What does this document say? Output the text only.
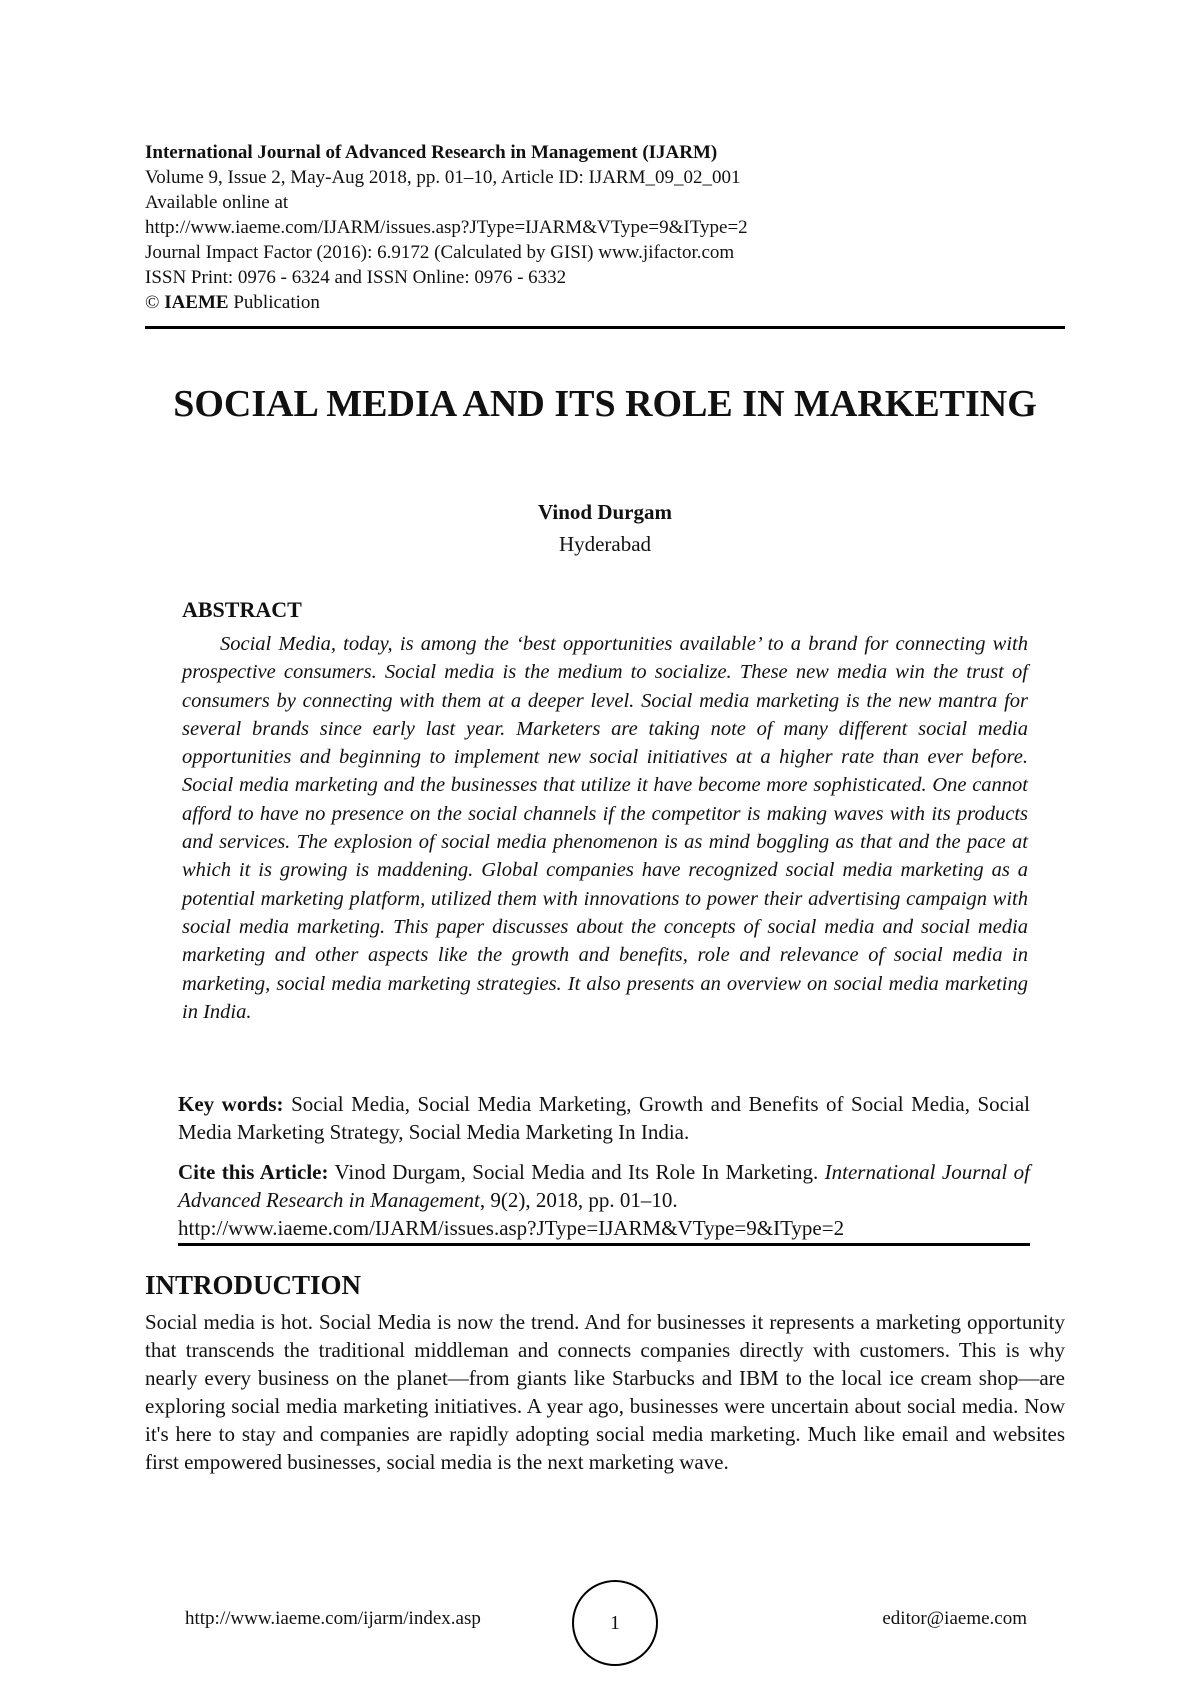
International Journal of Advanced Research in Management (IJARM)
Volume 9, Issue 2, May-Aug 2018, pp. 01–10, Article ID: IJARM_09_02_001
Available online at
http://www.iaeme.com/IJARM/issues.asp?JType=IJARM&VType=9&IType=2
Journal Impact Factor (2016): 6.9172 (Calculated by GISI) www.jifactor.com
ISSN Print: 0976 - 6324 and ISSN Online: 0976 - 6332
© IAEME Publication
SOCIAL MEDIA AND ITS ROLE IN MARKETING
Vinod Durgam
Hyderabad
ABSTRACT

Social Media, today, is among the ‘best opportunities available’ to a brand for connecting with prospective consumers. Social media is the medium to socialize. These new media win the trust of consumers by connecting with them at a deeper level. Social media marketing is the new mantra for several brands since early last year. Marketers are taking note of many different social media opportunities and beginning to implement new social initiatives at a higher rate than ever before. Social media marketing and the businesses that utilize it have become more sophisticated. One cannot afford to have no presence on the social channels if the competitor is making waves with its products and services. The explosion of social media phenomenon is as mind boggling as that and the pace at which it is growing is maddening. Global companies have recognized social media marketing as a potential marketing platform, utilized them with innovations to power their advertising campaign with social media marketing. This paper discusses about the concepts of social media and social media marketing and other aspects like the growth and benefits, role and relevance of social media in marketing, social media marketing strategies. It also presents an overview on social media marketing in India.

Key words: Social Media, Social Media Marketing, Growth and Benefits of Social Media, Social Media Marketing Strategy, Social Media Marketing In India.

Cite this Article: Vinod Durgam, Social Media and Its Role In Marketing. International Journal of Advanced Research in Management, 9(2), 2018, pp. 01–10.
http://www.iaeme.com/IJARM/issues.asp?JType=IJARM&VType=9&IType=2

INTRODUCTION

Social media is hot. Social Media is now the trend. And for businesses it represents a marketing opportunity that transcends the traditional middleman and connects companies directly with customers. This is why nearly every business on the planet—from giants like Starbucks and IBM to the local ice cream shop—are exploring social media marketing initiatives. A year ago, businesses were uncertain about social media. Now it's here to stay and companies are rapidly adopting social media marketing. Much like email and websites first empowered businesses, social media is the next marketing wave.

http://www.iaeme.com/ijarm/index.asp	1	editor@iaeme.com
